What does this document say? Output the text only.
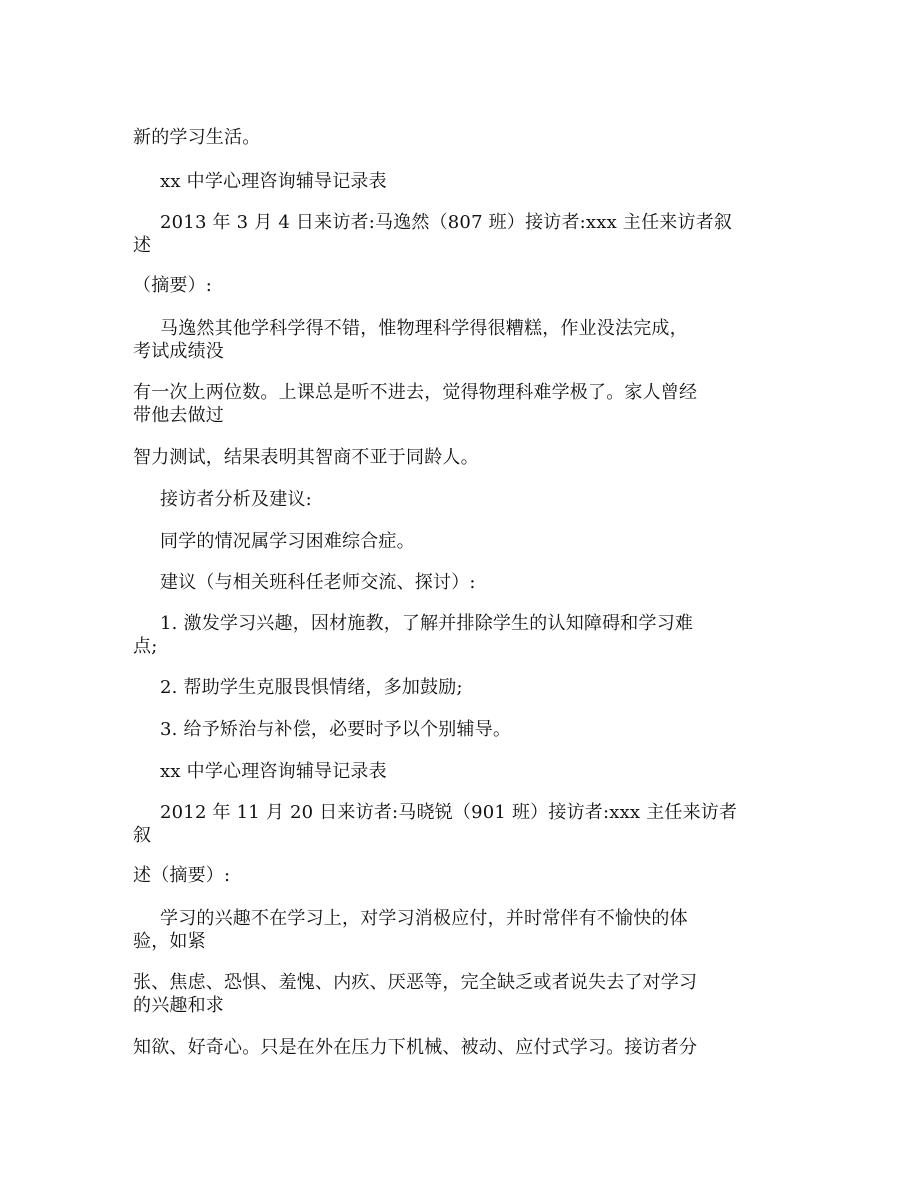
新的学习生活。
xx 中学心理咨询辅导记录表
2013 年 3 月 4 日来访者:马逸然（807 班）接访者:xxx 主任来访者叙
述
（摘要）:
马逸然其他学科学得不错，惟物理科学得很糟糕，作业没法完成，
考试成绩没
有一次上两位数。上课总是听不进去，觉得物理科难学极了。家人曾经
带他去做过
智力测试，结果表明其智商不亚于同龄人。
接访者分析及建议:
同学的情况属学习困难综合症。
建议（与相关班科任老师交流、探讨）:
1. 激发学习兴趣，因材施教，了解并排除学生的认知障碍和学习难
点;
2. 帮助学生克服畏惧情绪，多加鼓励;
3. 给予矫治与补偿，必要时予以个别辅导。
xx 中学心理咨询辅导记录表
2012 年 11 月 20 日来访者:马晓锐（901 班）接访者:xxx 主任来访者
叙
述（摘要）:
学习的兴趣不在学习上，对学习消极应付，并时常伴有不愉快的体
验，如紧
张、焦虑、恐惧、羞愧、内疚、厌恶等，完全缺乏或者说失去了对学习
的兴趣和求
知欲、好奇心。只是在外在压力下机械、被动、应付式学习。接访者分
